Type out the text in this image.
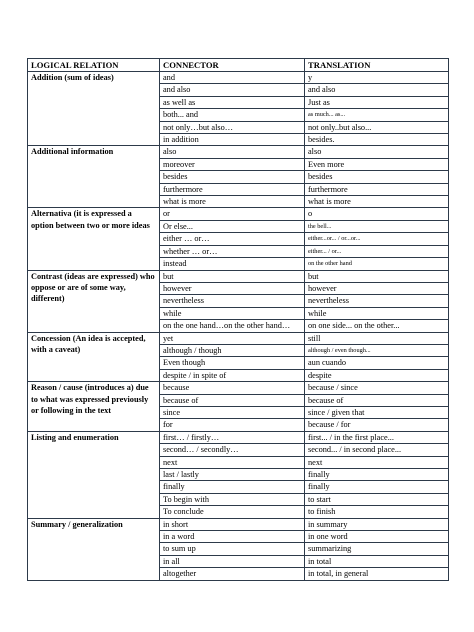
LOGICAL RELATION	CONNECTOR	TRANSLATION
Addition (sum of ideas)	and	y
	and also	and also
	as well as	Just as
	both... and	as much... as...
	not only…but also…	not only..but also...
	in addition	besides.
Additional information	also	also
	moreover	Even more
	besides	besides
	furthermore	furthermore
	what is more	what is more
Alternativa (it is expressed a option between two or more ideas	or	o
	Or else...	the bell...
	either … or…	either...or... / or...or...
	whether … or…	either... / or...
	instead	on the other hand
Contrast (ideas are expressed) who oppose or are of some way, different)	but	but
	however	however
	nevertheless	nevertheless
	while	while
	on the one hand…on the other hand…	on one side... on the other...
Concession (An idea is accepted, with a caveat)	yet	still
	although / though	although / even though...
	Even though	aun cuando
	despite / in spite of	despite
Reason / cause (introduces a) due to what was expressed previously or following in the text	because	because / since
	because of	because of
	since	since / given that
	for	because / for
Listing and enumeration	first… / firstly…	first... / in the first place...
	second… / secondly…	second... / in second place...
	next	next
	last / lastly	finally
	finally	finally
	To begin with	to start
	To conclude	to finish
Summary / generalization	in short	in summary
	in a word	in one word
	to sum up	summarizing
	in all	in total
	altogether	in total, in general
